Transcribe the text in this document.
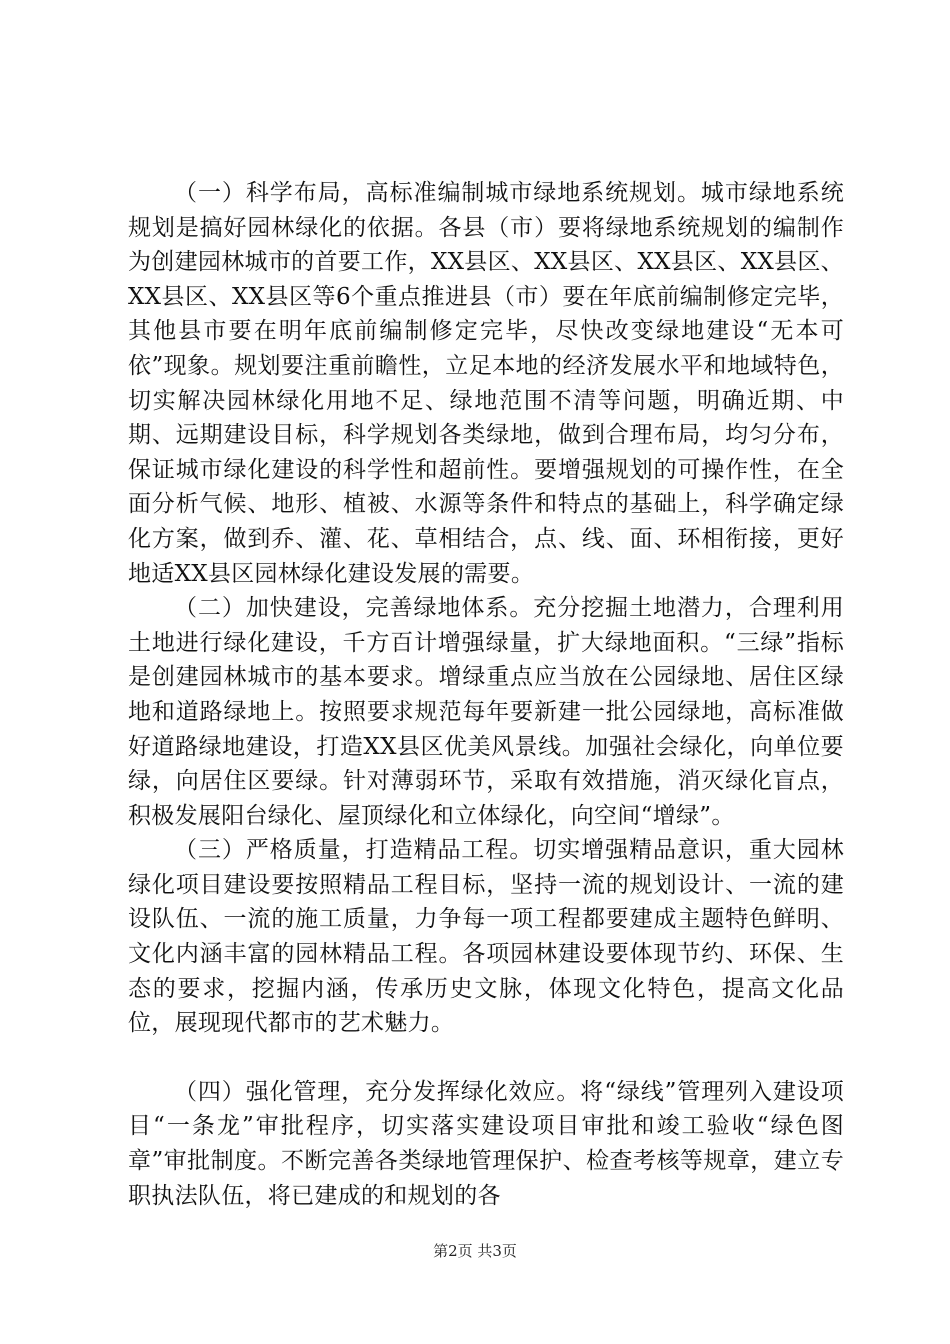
（一）科学布局，高标准编制城市绿地系统规划。城市绿地系统规划是搞好园林绿化的依据。各县（市）要将绿地系统规划的编制作为创建园林城市的首要工作，XX县区、XX县区、XX县区、XX县区、XX县区、XX县区等6个重点推进县（市）要在年底前编制修定完毕，其他县市要在明年底前编制修定完毕，尽快改变绿地建设“无本可依”现象。规划要注重前瞻性，立足本地的经济发展水平和地域特色，切实解决园林绿化用地不足、绿地范围不清等问题，明确近期、中期、远期建设目标，科学规划各类绿地，做到合理布局，均匀分布，保证城市绿化建设的科学性和超前性。要增强规划的可操作性，在全面分析气候、地形、植被、水源等条件和特点的基础上，科学确定绿化方案，做到乔、灌、花、草相结合，点、线、面、环相衔接，更好地适XX县区园林绿化建设发展的需要。

（二）加快建设，完善绿地体系。充分挖掘土地潜力，合理利用土地进行绿化建设，千方百计增强绿量，扩大绿地面积。“三绿”指标是创建园林城市的基本要求。增绿重点应当放在公园绿地、居住区绿地和道路绿地上。按照要求规范每年要新建一批公园绿地，高标准做好道路绿地建设，打造XX县区优美风景线。加强社会绿化，向单位要绿，向居住区要绿。针对薄弱环节，采取有效措施，消灭绿化盲点，积极发展阳台绿化、屋顶绿化和立体绿化，向空间“增绿”。

（三）严格质量，打造精品工程。切实增强精品意识，重大园林绿化项目建设要按照精品工程目标，坚持一流的规划设计、一流的建设队伍、一流的施工质量，力争每一项工程都要建成主题特色鲜明、文化内涵丰富的园林精品工程。各项园林建设要体现节约、环保、生态的要求，挖掘内涵，传承历史文脉，体现文化特色，提高文化品位，展现现代都市的艺术魅力。

（四）强化管理，充分发挥绿化效应。将“绿线”管理列入建设项目“一条龙”审批程序，切实落实建设项目审批和竣工验收“绿色图章”审批制度。不断完善各类绿地管理保护、检查考核等规章，建立专职执法队伍，将已建成的和规划的各

第2页 共3页
